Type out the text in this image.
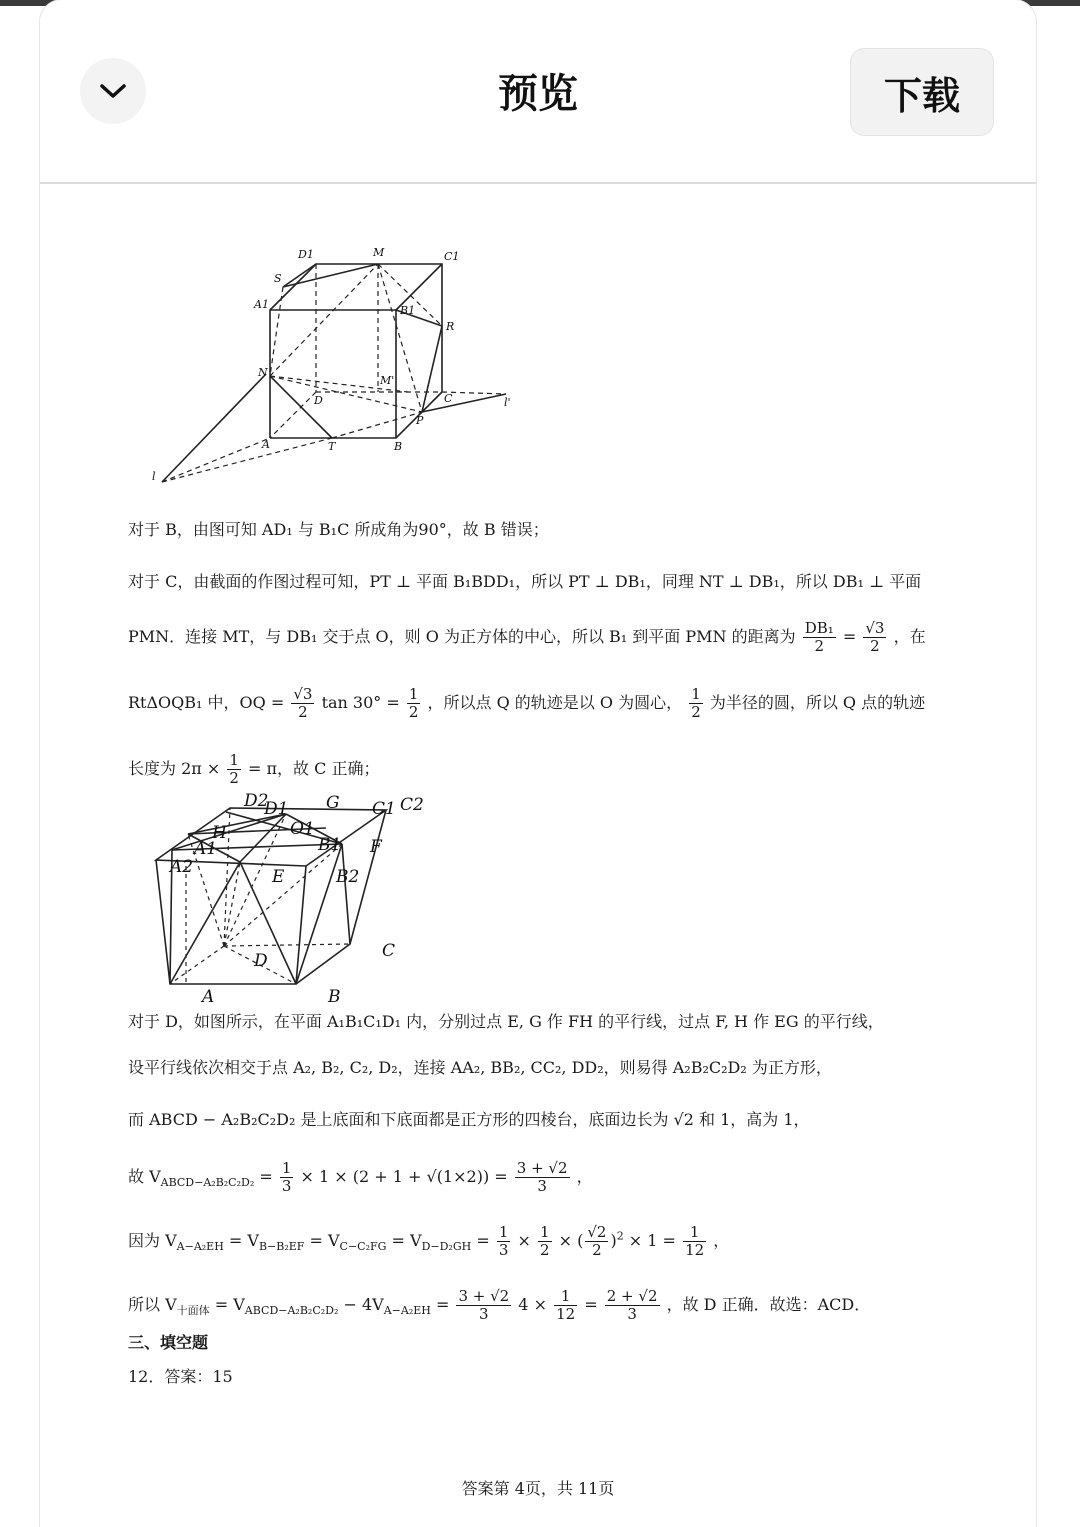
预览	下载
D1	M	C1
S
A1	B1
R
N
M'
D	C	l'
P
A	T	B
l
对于 B，由图可知 AD₁ 与 B₁C 所成角为90°，故 B 错误；
对于 C，由截面的作图过程可知，PT ⊥ 平面 B₁BDD₁，所以 PT ⊥ DB₁，同理 NT ⊥ DB₁，所以 DB₁ ⊥ 平面
PMN．连接 MT，与 DB₁ 交于点 O，则 O 为正方体的中心，所以 B₁ 到平面 PMN 的距离为 $\frac{\text{DB₁}}{2} = \frac{√3}{2}$ ，在
RtΔOQB₁ 中，OQ = $\frac{√3}{2}$ $\tan 30^\circ = \frac{1}{2}$ ，所以点 Q 的轨迹是以 O 为圆心， $\frac{1}{2}$ 为半径的圆，所以 Q 点的轨迹
长度为 $2\pi \times \frac{1}{2} = \pi$，故 C 正确；
D2
D1 G C1 C2
H	O1
A1	B1 F
A2	E	B2
D	C
A	B
对于 D，如图所示，在平面 A₁B₁C₁D₁ 内，分别过点 E, G 作 FH 的平行线，过点 F, H 作 EG 的平行线，
设平行线依次相交于点 A₂, B₂, C₂, D₂，连接 AA₂, BB₂, CC₂, DD₂，则易得 A₂B₂C₂D₂ 为正方形，
而 ABCD − A₂B₂C₂D₂ 是上底面和下底面都是正方形的四棱台，底面边长为 √2 和 1，高为 1，
故 $V_{ABCD-A_2B_2C_2D_2} = \frac{1}{3} \times 1 \times (2 + 1 + √(1\times 2)) = \frac{3 + √2}{3}$ ，
因为 $V_{A-A_2EH} = V_{B-B_2EF} = V_{C-C_2FG} = V_{D-D_2GH} = \frac{1}{3} \times \frac{1}{2}$ × ( $\frac{√2}{2} )^2 \times 1 = \frac{1}{12}$ ，
所以 $V_{十面体} = V_{ABCD-A_2B_2C_2D_2} - 4V_{A-A_2EH} = \frac{3 + √2}{3} 4 \times \frac{1}{12} = \frac{2 + √2}{3}$ ，故 D 正确．故选：ACD．
三、填空题
12．答案：15
答案第 4页，共 11页
